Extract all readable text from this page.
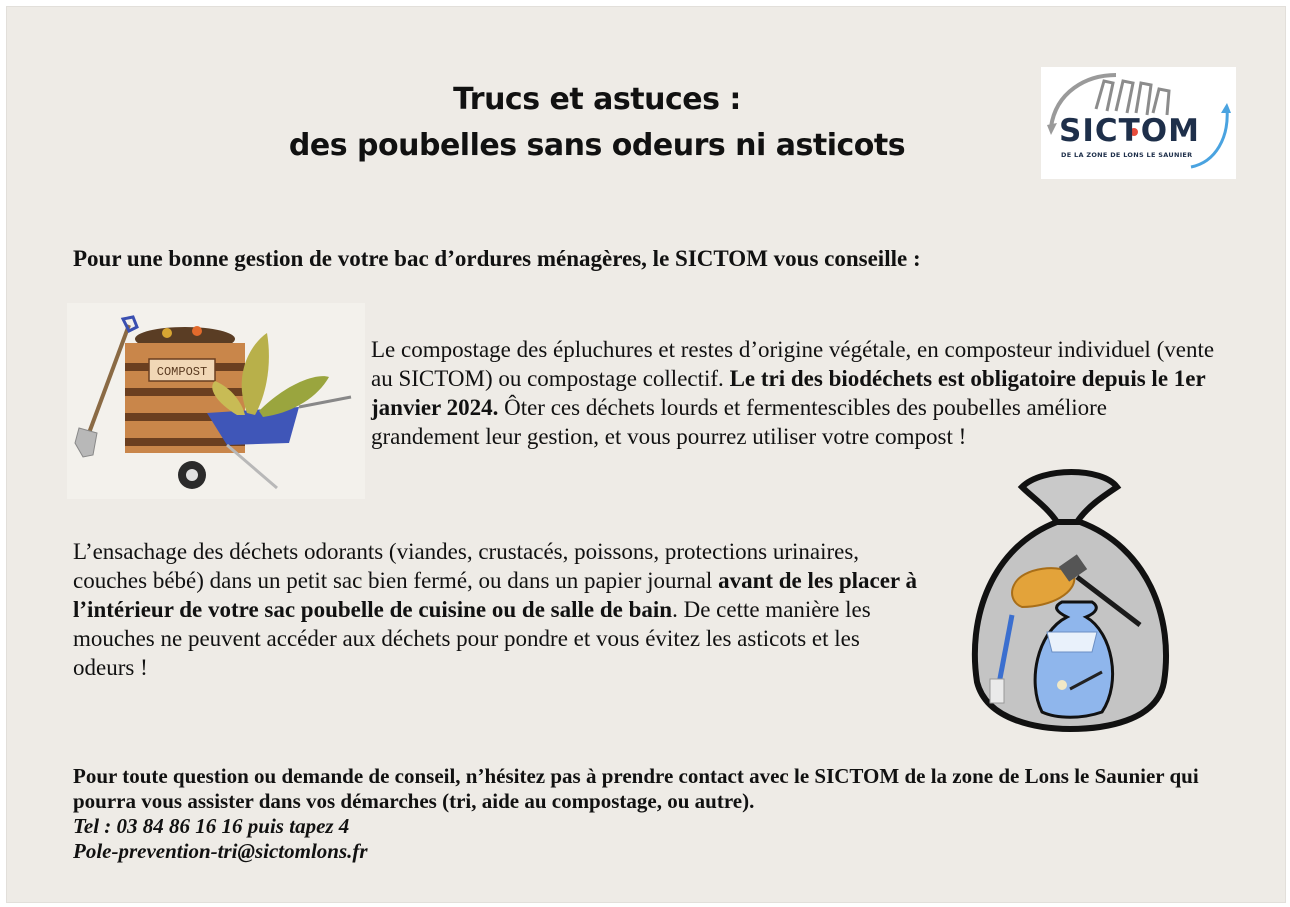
Trucs et astuces :
des poubelles sans odeurs ni asticots	SICTOM
DE LA ZONE DE LONS LE SAUNIER
Pour une bonne gestion de votre bac d’ordures ménagères, le SICTOM vous conseille :
COMPOST
Le compostage des épluchures et restes d’origine végétale, en composteur individuel (vente au SICTOM) ou compostage collectif. Le tri des biodéchets est obligatoire depuis le 1er janvier 2024. Ôter ces déchets lourds et fermentescibles des poubelles améliore grandement leur gestion, et vous pourrez utiliser votre compost !
L’ensachage des déchets odorants (viandes, crustacés, poissons, protections urinaires, couches bébé) dans un petit sac bien fermé, ou dans un papier journal avant de les placer à l’intérieur de votre sac poubelle de cuisine ou de salle de bain. De cette manière les mouches ne peuvent accéder aux déchets pour pondre et vous évitez les asticots et les odeurs !
Pour toute question ou demande de conseil, n’hésitez pas à prendre contact avec le SICTOM de la zone de Lons le Saunier qui pourra vous assister dans vos démarches (tri, aide au compostage, ou autre).
Tel : 03 84 86 16 16 puis tapez 4
Pole-prevention-tri@sictomlons.fr
